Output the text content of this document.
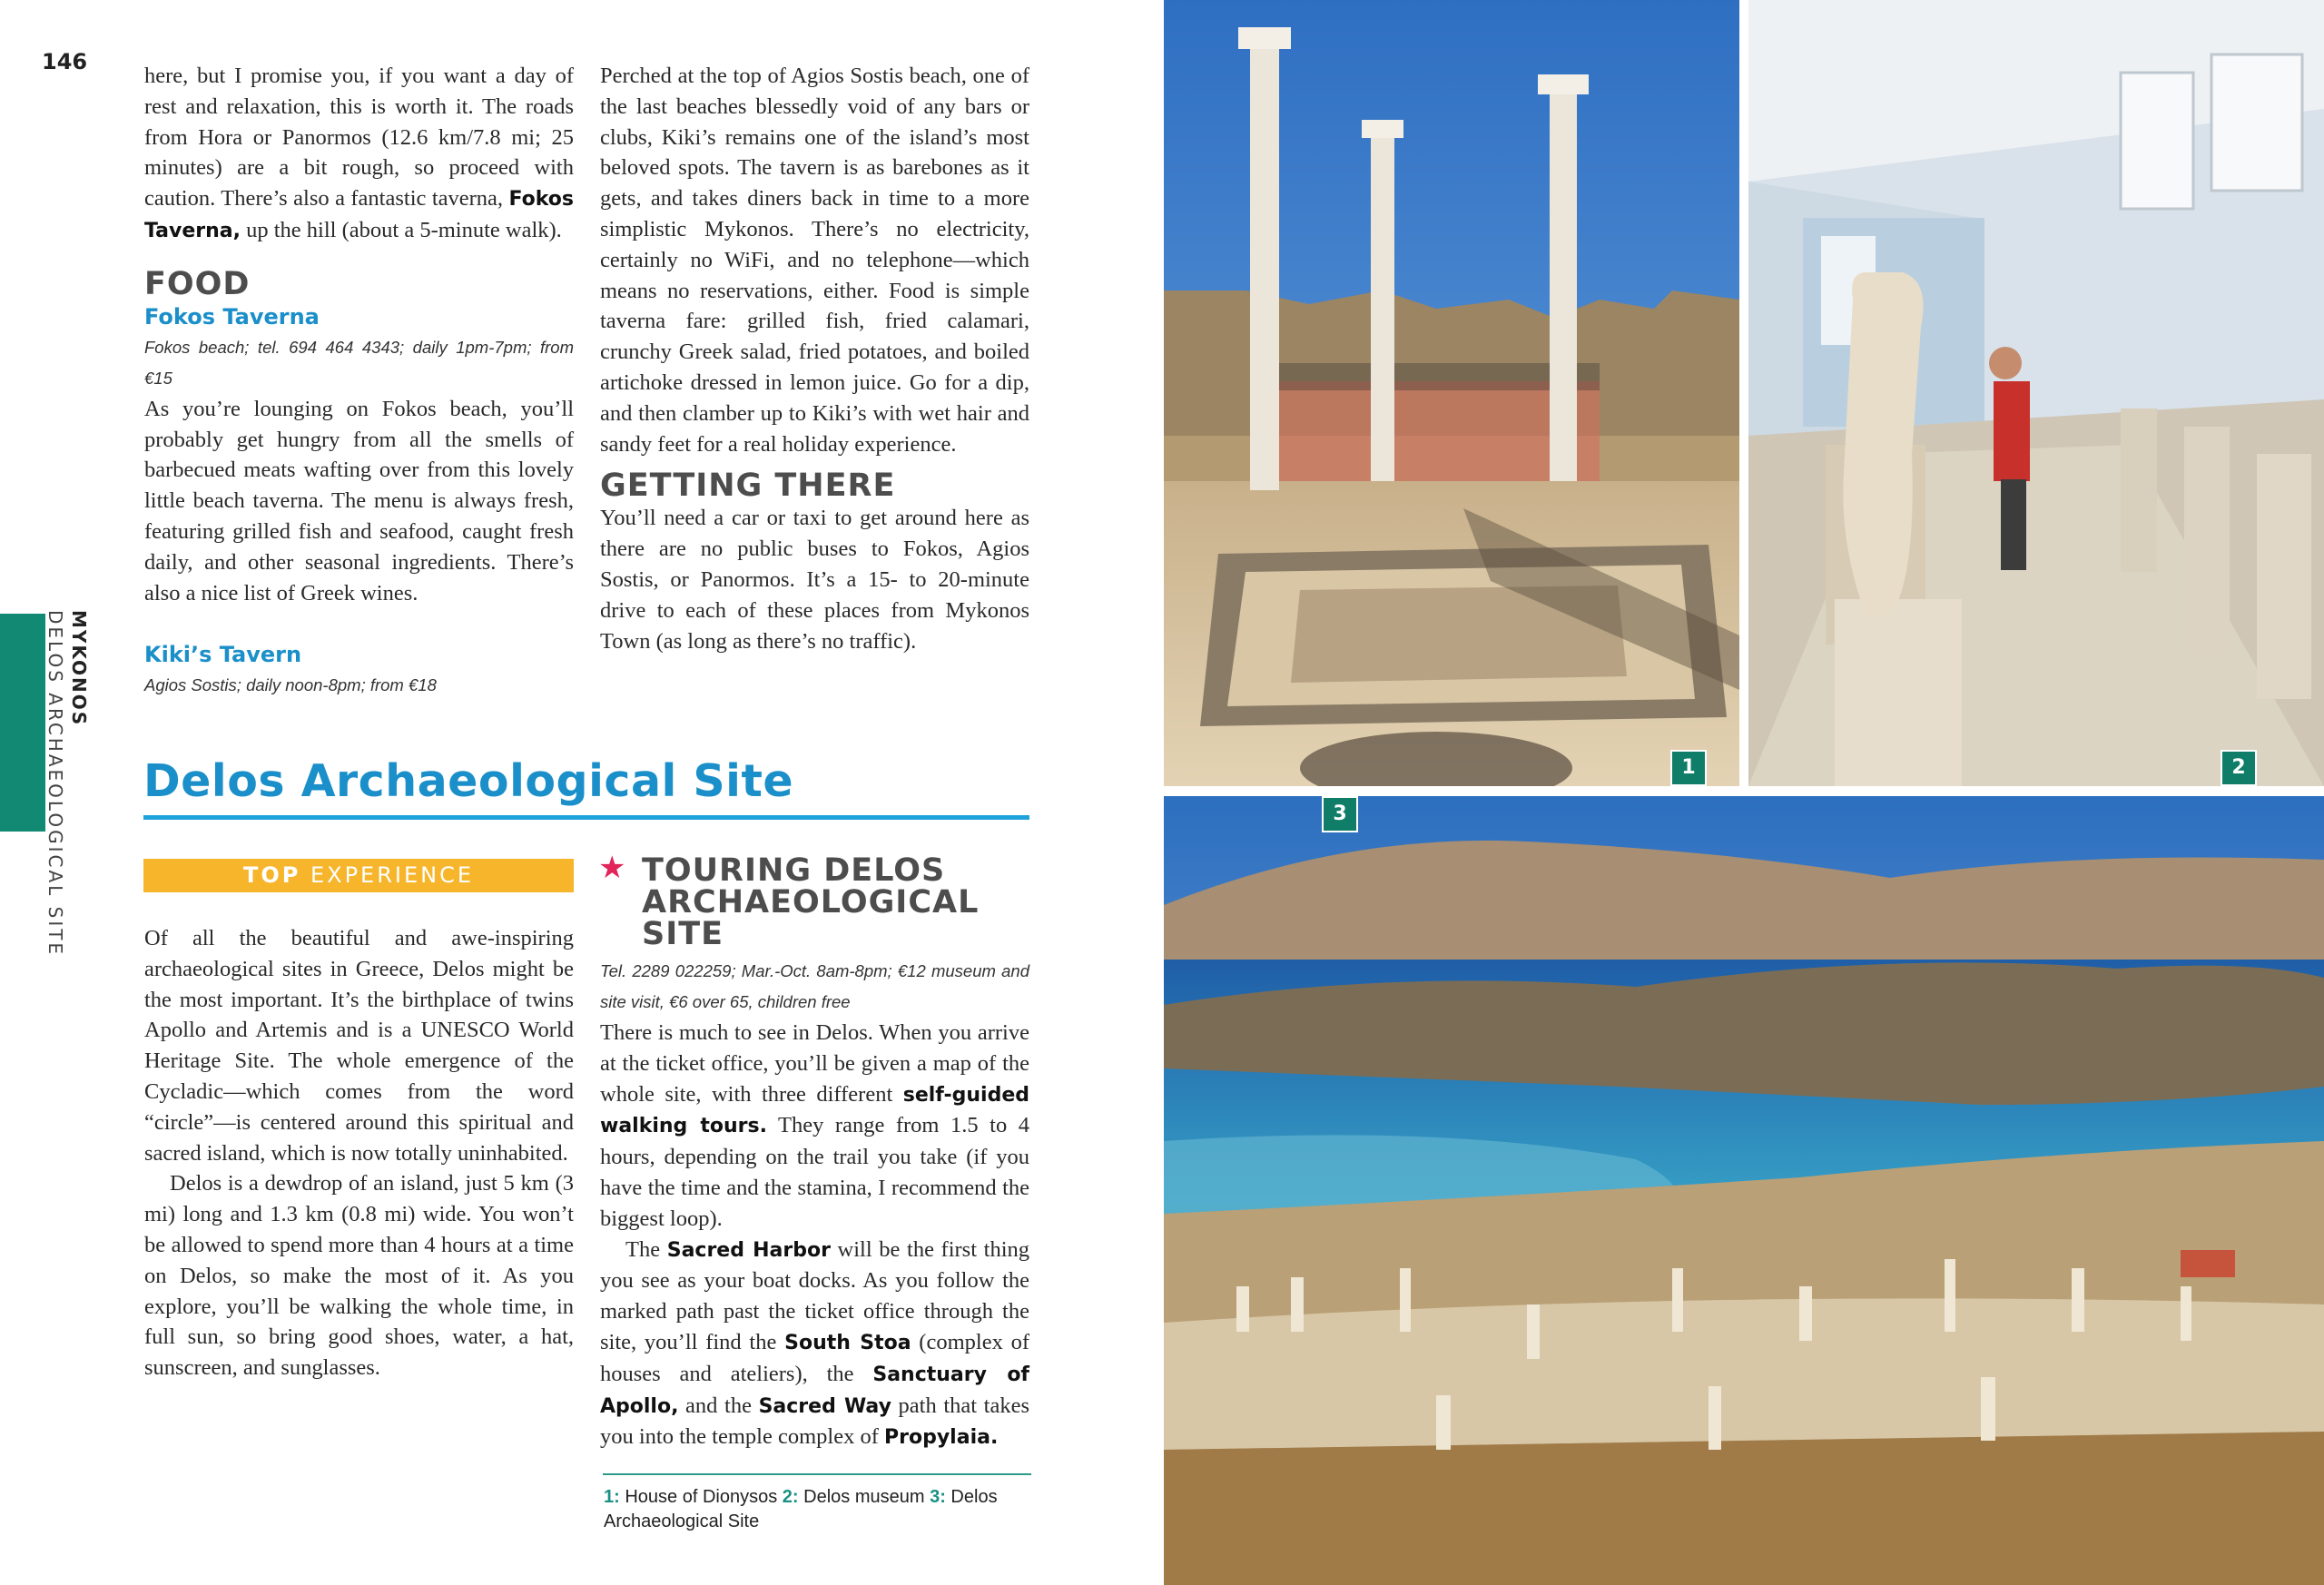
146
MYKONOS
DELOS ARCHAEOLOGICAL SITE

here, but I promise you, if you want a day of rest and relaxation, this is worth it. The roads from Hora or Panormos (12.6 km/7.8 mi; 25 minutes) are a bit rough, so proceed with caution. There’s also a fantastic taverna, Fokos Taverna, up the hill (about a 5-minute walk).

FOOD

Fokos Taverna

Fokos beach; tel. 694 464 4343; daily 1pm-7pm; from €15

As you’re lounging on Fokos beach, you’ll probably get hungry from all the smells of barbecued meats wafting over from this lovely little beach taverna. The menu is always fresh, featuring grilled fish and seafood, caught fresh daily, and other seasonal ingredients. There’s also a nice list of Greek wines.

Kiki’s Tavern

Agios Sostis; daily noon-8pm; from €18

Perched at the top of Agios Sostis beach, one of the last beaches blessedly void of any bars or clubs, Kiki’s remains one of the island’s most beloved spots. The tavern is as barebones as it gets, and takes diners back in time to a more simplistic Mykonos. There’s no electricity, certainly no WiFi, and no telephone—which means no reservations, either. Food is simple taverna fare: grilled fish, fried calamari, crunchy Greek salad, fried potatoes, and boiled artichoke dressed in lemon juice. Go for a dip, and then clamber up to Kiki’s with wet hair and sandy feet for a real holiday experience.

GETTING THERE

You’ll need a car or taxi to get around here as there are no public buses to Fokos, Agios Sostis, or Panormos. It’s a 15- to 20-minute drive to each of these places from Mykonos Town (as long as there’s no traffic).

Delos Archaeological Site
TOP EXPERIENCE

Of all the beautiful and awe-inspiring archaeological sites in Greece, Delos might be the most important. It’s the birthplace of twins Apollo and Artemis and is a UNESCO World Heritage Site. The whole emergence of the Cycladic—which comes from the word “circle”—is centered around this spiritual and sacred island, which is now totally uninhabited.

Delos is a dewdrop of an island, just 5 km (3 mi) long and 1.3 km (0.8 mi) wide. You won’t be allowed to spend more than 4 hours at a time on Delos, so make the most of it. As you explore, you’ll be walking the whole time, in full sun, so bring good shoes, water, a hat, sunscreen, and sunglasses.

★ TOURING DELOS ARCHAEOLOGICAL SITE

Tel. 2289 022259; Mar.-Oct. 8am-8pm; €12 museum and site visit, €6 over 65, children free

There is much to see in Delos. When you arrive at the ticket office, you’ll be given a map of the whole site, with three different self-guided walking tours. They range from 1.5 to 4 hours, depending on the trail you take (if you have the time and the stamina, I recommend the biggest loop).

The Sacred Harbor will be the first thing you see as your boat docks. As you follow the marked path past the ticket office through the site, you’ll find the South Stoa (complex of houses and ateliers), the Sanctuary of Apollo, and the Sacred Way path that takes you into the temple complex of Propylaia.

1: House of Dionysos 2: Delos museum 3: Delos Archaeological Site
1	2
3
